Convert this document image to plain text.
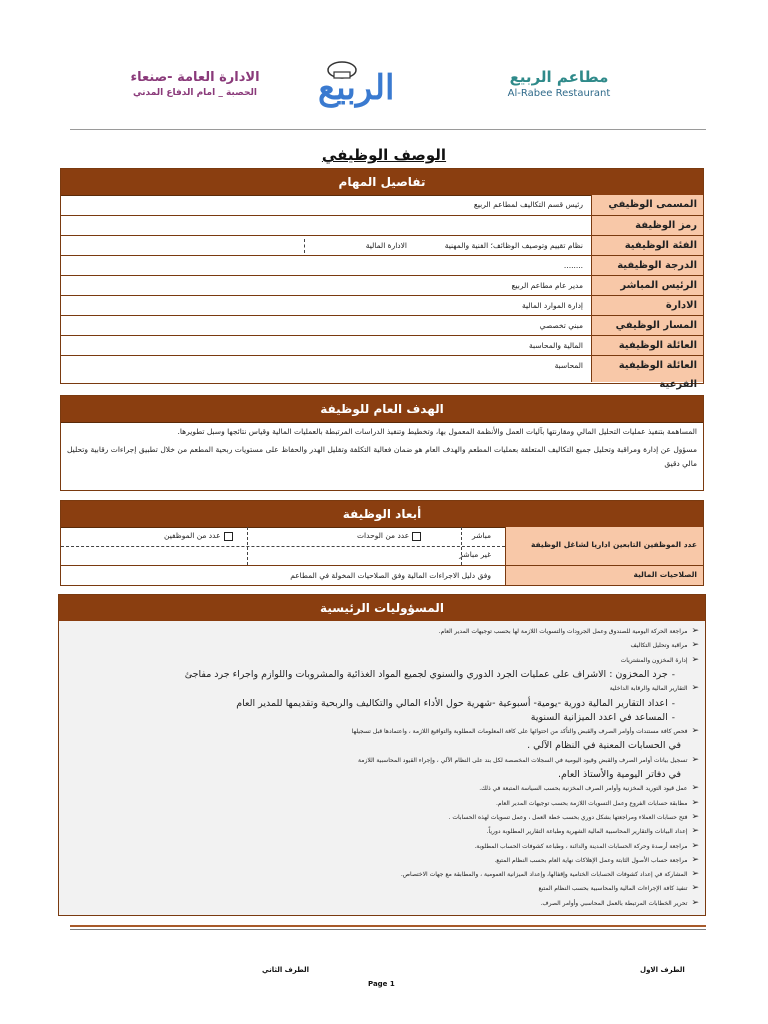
الادارة العامة -صنعاء
الحصبة _ امام الدفاع المدني	الربيع	مطاعم الربيع
Al-Rabee Restaurant
الوصف الوظيفي
تفاصيل المهام
المسمى الوظيفي
رئيس قسم التكاليف لمطاعم الربيع
رمز الوظيفة
الفئة الوظيفية
نظام تقييم وتوصيف الوظائف؛ الفنية والمهنية
الادارة المالية
الدرجة الوظيفية
........
الرئيس المباشر
مدير عام مطاعم الربيع
الادارة
إدارة الموارد المالية
المسار الوظيفي
مبني تخصصي
العائلة الوظيفية
المالية والمحاسبة
العائلة الوظيفية الفرعية
المحاسبة
الهدف العام للوظيفة
المساهمة بتنفيذ عمليات التحليل المالي ومقارنتها بآليات العمل والأنظمة المعمول بها، وتخطيط وتنفيذ الدراسات المرتبطة بالعمليات المالية وقياس نتائجها وسبل تطويرها.
مسؤول عن إدارة ومراقبة وتحليل جميع التكاليف المتعلقة بعمليات المطعم والهدف العام هو ضمان فعالية التكلفة وتقليل الهدر والحفاظ على مستويات ربحية المطعم من خلال تطبيق إجراءات رقابية وتحليل مالي دقيق
أبعاد الوظيفة
عدد الموظفين التابعين اداريا لشاغل الوظيفة
مباشر
غير مباشر
عدد من الوحدات
عدد من الموظفين
الصلاحيات المالية
وفق دليل الاجراءات المالية وفق الصلاحيات المخولة في المطاعم
المسؤوليات الرئيسية
➢مراجعة الحركة اليومية للصندوق وعمل الجرودات والتسويات اللازمة لها بحسب توجيهات المدير العام.
➢مراقبة وتحليل التكاليف
➢إدارة المخزون والمشتريات
-جرد المخزون : الاشراف على عمليات الجرد الدوري والسنوي لجميع المواد الغذائية والمشروبات واللوازم واجراء جرد مفاجئ
➢التقارير المالية والرقابة الداخلية
-اعداد التقارير المالية دورية -يومية- أسبوعية -شهرية حول الأداء المالي والتكاليف والربحية وتقديمها للمدير العام
-المساعد في اعدد الميزانية السنوية
➢فحص كافة مستندات وأوامر الصرف والقبض والتأكد من احتوائها على كافة المعلومات المطلوبة والتواقيع اللازمة ، واعتمادها قبل تسجيلها
في الحسابات المعنية في النظام الآلي .
➢تسجيل بيانات أوامر الصرف والقبض وقيود اليومية في السجلات المخصصة لكل بند على النظام الآلي ، وإجراء القيود المحاسبية اللازمة
في دفاتر اليومية والأستاذ العام.
➢عمل قيود التوريد المخزنية وأوامر الصرف المخزنية بحسب السياسة المتبعة في ذلك.
➢مطابقة حسابات الفروع وعمل التسويات اللازمة بحسب توجيهات المدير العام.
➢فتح حسابات العملاء ومراجعتها بشكل دوري بحسب خطة العمل ، وعمل تسويات لهذه الحسابات .
➢إعداد البيانات والتقارير المحاسبية المالية الشهرية وطباعة التقارير المطلوبة دورياً.
➢مراجعة أرصدة وحركة الحسابات المدينة والدائنة ، وطباعة كشوفات الحساب المطلوبة.
➢مراجعة حساب الأصول الثابتة وعمل الإهلاكات نهاية العام بحسب النظام المتبع.
➢المشاركة في إعداد كشوفات الحسابات الختامية وإقفالها، وإعداد الميزانية العمومية ، والمطابقة مع جهات الاختصاص.
➢تنفيذ كافة الإجراءات المالية والمحاسبية بحسب النظام المتبع
➢تحرير الخطابات المرتبطة بالعمل المحاسبي وأوامر الصرف.
الطرف الاول
الطرف الثاني
Page 1
